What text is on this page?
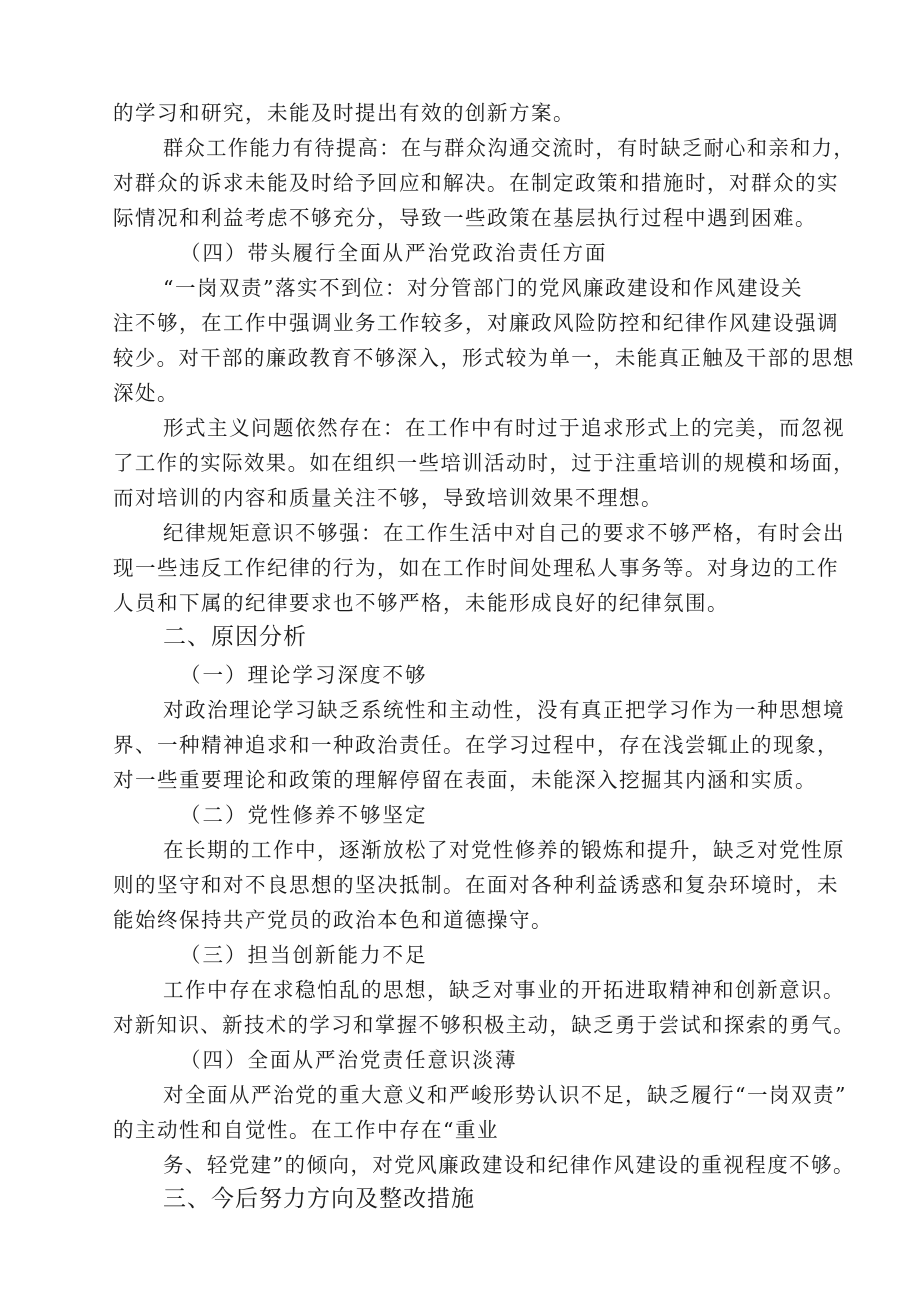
的学习和研究，未能及时提出有效的创新方案。

群众工作能力有待提高：在与群众沟通交流时，有时缺乏耐心和亲和力，

对群众的诉求未能及时给予回应和解决。在制定政策和措施时，对群众的实

际情况和利益考虑不够充分，导致一些政策在基层执行过程中遇到困难。

（四）带头履行全面从严治党政治责任方面

“一岗双责”落实不到位：对分管部门的党风廉政建设和作风建设关

注不够，在工作中强调业务工作较多，对廉政风险防控和纪律作风建设强调

较少。对干部的廉政教育不够深入，形式较为单一，未能真正触及干部的思想

深处。

形式主义问题依然存在：在工作中有时过于追求形式上的完美，而忽视

了工作的实际效果。如在组织一些培训活动时，过于注重培训的规模和场面，

而对培训的内容和质量关注不够，导致培训效果不理想。

纪律规矩意识不够强：在工作生活中对自己的要求不够严格，有时会出

现一些违反工作纪律的行为，如在工作时间处理私人事务等。对身边的工作

人员和下属的纪律要求也不够严格，未能形成良好的纪律氛围。

二、原因分析

（一）理论学习深度不够

对政治理论学习缺乏系统性和主动性，没有真正把学习作为一种思想境

界、一种精神追求和一种政治责任。在学习过程中，存在浅尝辄止的现象，

对一些重要理论和政策的理解停留在表面，未能深入挖掘其内涵和实质。

（二）党性修养不够坚定

在长期的工作中，逐渐放松了对党性修养的锻炼和提升，缺乏对党性原

则的坚守和对不良思想的坚决抵制。在面对各种利益诱惑和复杂环境时，未

能始终保持共产党员的政治本色和道德操守。

（三）担当创新能力不足

工作中存在求稳怕乱的思想，缺乏对事业的开拓进取精神和创新意识。

对新知识、新技术的学习和掌握不够积极主动，缺乏勇于尝试和探索的勇气。

（四）全面从严治党责任意识淡薄

对全面从严治党的重大意义和严峻形势认识不足，缺乏履行“一岗双责”

的主动性和自觉性。在工作中存在“重业

务、轻党建”的倾向，对党风廉政建设和纪律作风建设的重视程度不够。

三、今后努力方向及整改措施
